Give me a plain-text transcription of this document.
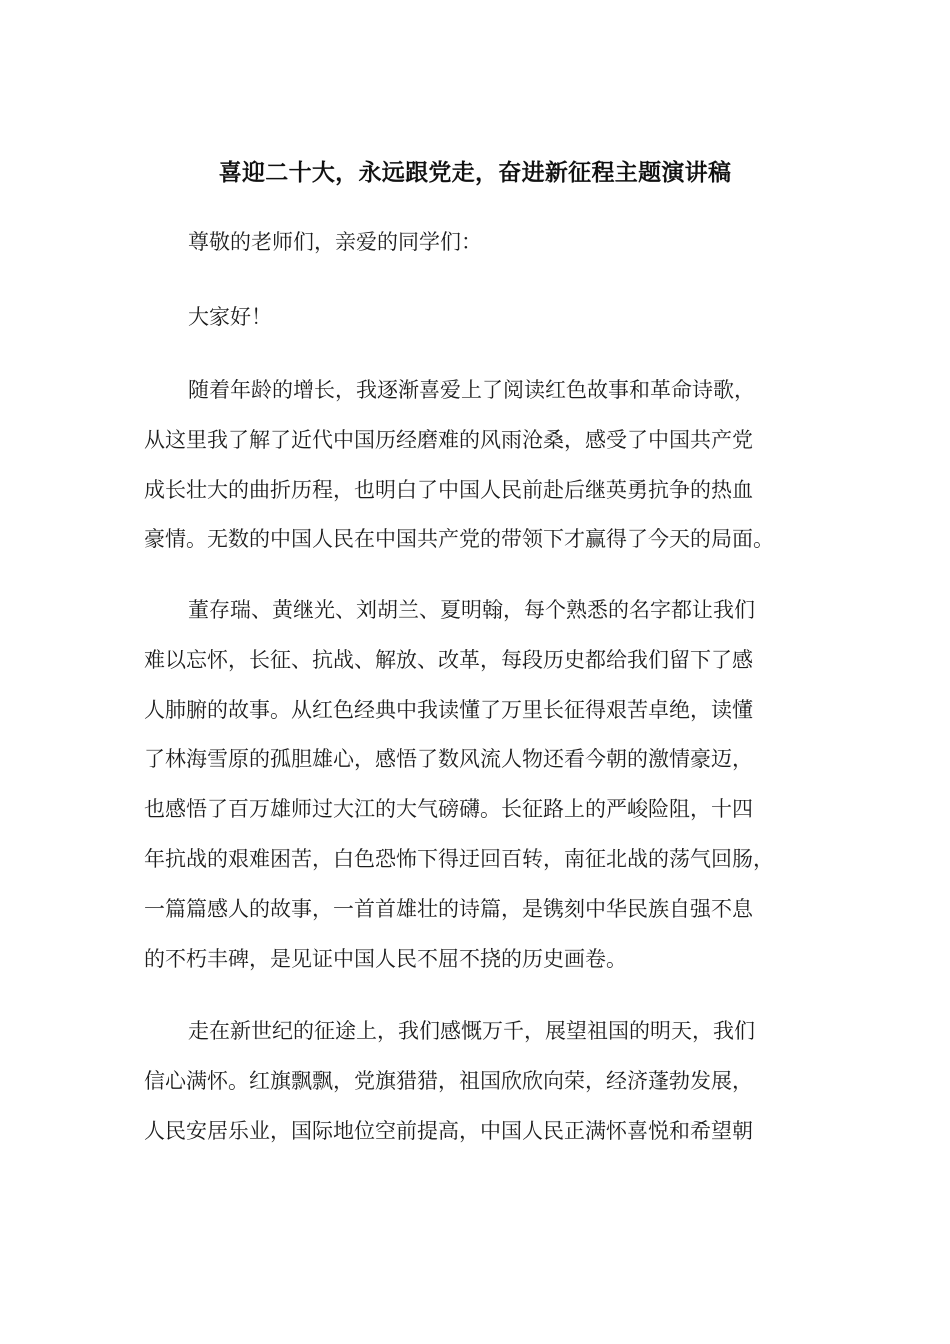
喜迎二十大，永远跟党走，奋进新征程主题演讲稿

尊敬的老师们，亲爱的同学们：

大家好！

随着年龄的增长，我逐渐喜爱上了阅读红色故事和革命诗歌，
从这里我了解了近代中国历经磨难的风雨沧桑，感受了中国共产党
成长壮大的曲折历程，也明白了中国人民前赴后继英勇抗争的热血
豪情。无数的中国人民在中国共产党的带领下才赢得了今天的局面。

董存瑞、黄继光、刘胡兰、夏明翰，每个熟悉的名字都让我们
难以忘怀，长征、抗战、解放、改革，每段历史都给我们留下了感
人肺腑的故事。从红色经典中我读懂了万里长征得艰苦卓绝，读懂
了林海雪原的孤胆雄心，感悟了数风流人物还看今朝的激情豪迈，
也感悟了百万雄师过大江的大气磅礴。长征路上的严峻险阻，十四
年抗战的艰难困苦，白色恐怖下得迂回百转，南征北战的荡气回肠，
一篇篇感人的故事，一首首雄壮的诗篇，是镌刻中华民族自强不息
的不朽丰碑，是见证中国人民不屈不挠的历史画卷。

走在新世纪的征途上，我们感慨万千，展望祖国的明天，我们
信心满怀。红旗飘飘，党旗猎猎，祖国欣欣向荣，经济蓬勃发展，
人民安居乐业，国际地位空前提高，中国人民正满怀喜悦和希望朝
